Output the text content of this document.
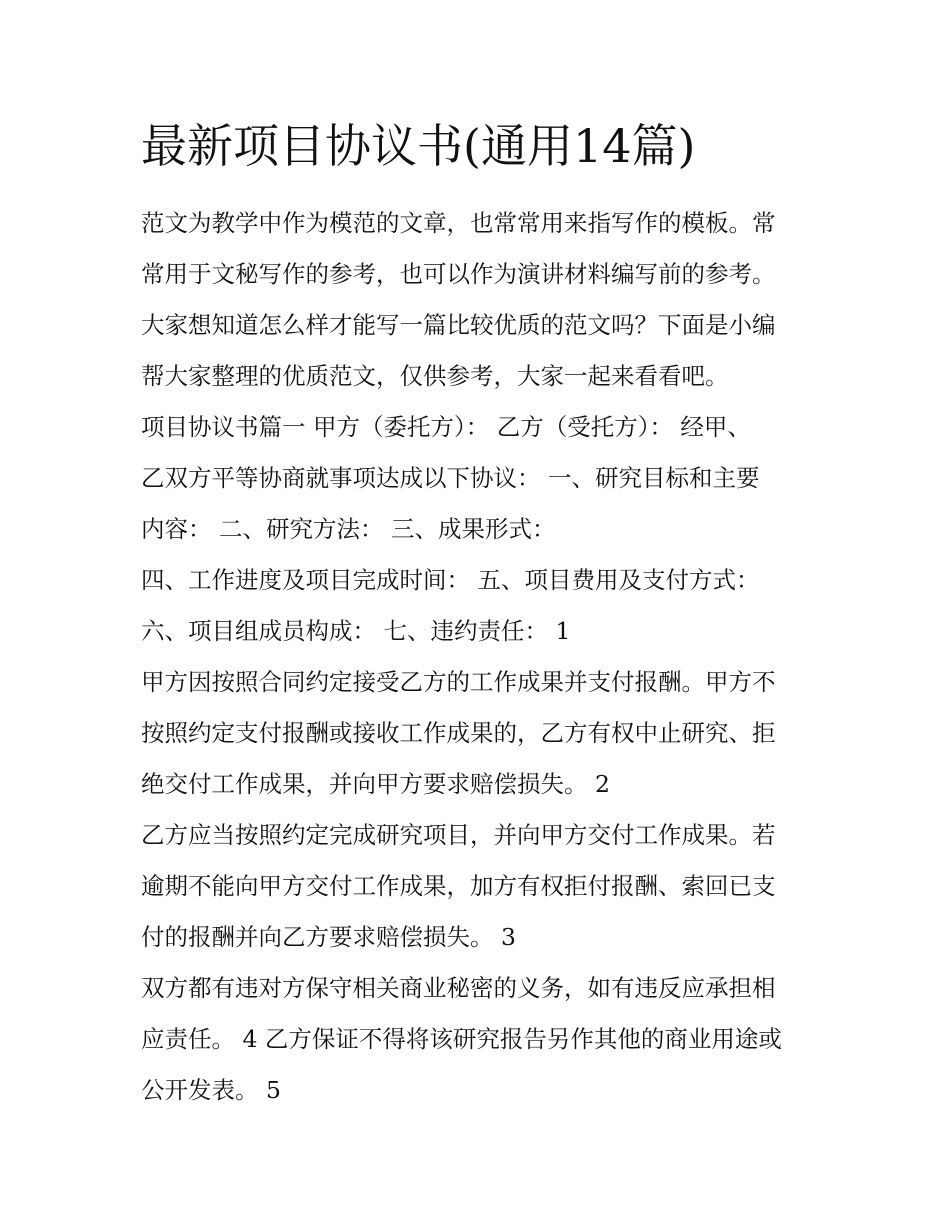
最新项目协议书(通用14篇)
范文为教学中作为模范的文章，也常常用来指写作的模板。常
常用于文秘写作的参考，也可以作为演讲材料编写前的参考。
大家想知道怎么样才能写一篇比较优质的范文吗？下面是小编
帮大家整理的优质范文，仅供参考，大家一起来看看吧。
项目协议书篇一 甲方（委托方）： 乙方（受托方）： 经甲、
乙双方平等协商就事项达成以下协议： 一、研究目标和主要
内容： 二、研究方法： 三、成果形式：
四、工作进度及项目完成时间： 五、项目费用及支付方式：
六、项目组成员构成： 七、违约责任： 1
甲方因按照合同约定接受乙方的工作成果并支付报酬。甲方不
按照约定支付报酬或接收工作成果的，乙方有权中止研究、拒
绝交付工作成果，并向甲方要求赔偿损失。 2
乙方应当按照约定完成研究项目，并向甲方交付工作成果。若
逾期不能向甲方交付工作成果，加方有权拒付报酬、索回已支
付的报酬并向乙方要求赔偿损失。 3
双方都有违对方保守相关商业秘密的义务，如有违反应承担相
应责任。 4 乙方保证不得将该研究报告另作其他的商业用途或
公开发表。 5
